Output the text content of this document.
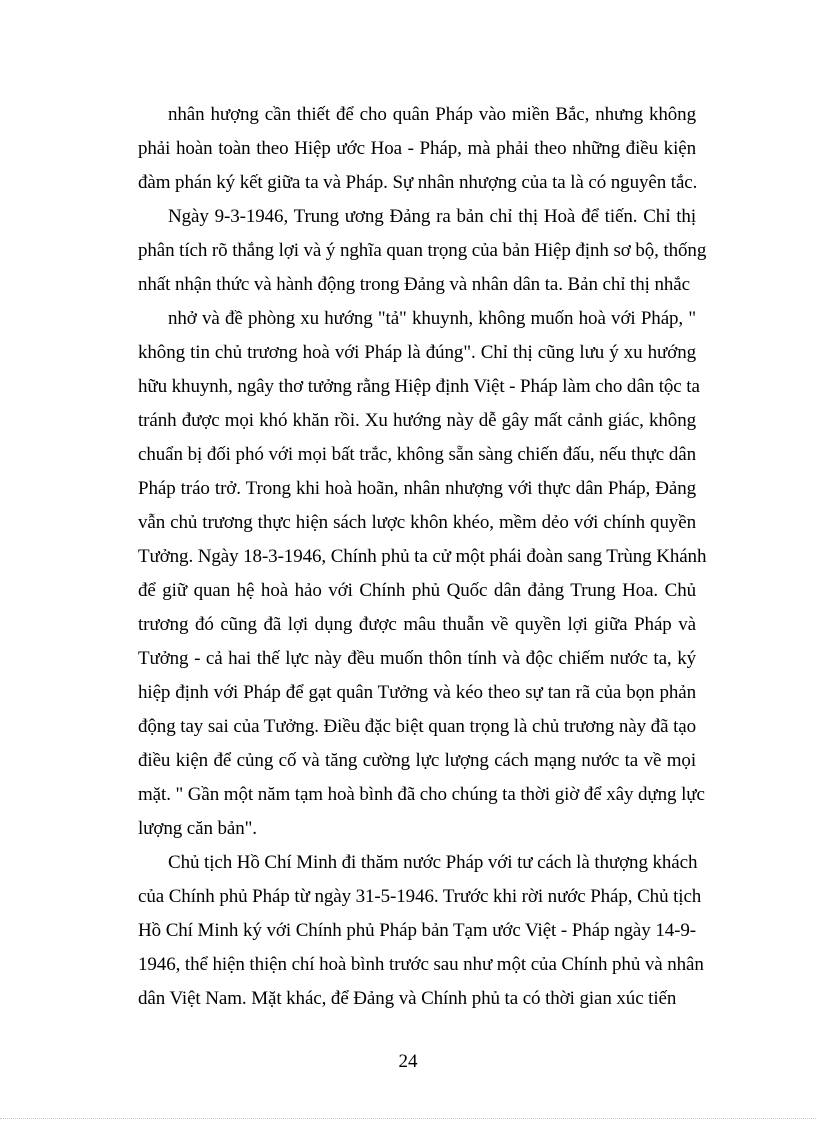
nhân hượng cần thiết để cho quân Pháp vào miền Bắc, nhưng không
phải hoàn toàn theo Hiệp ước Hoa - Pháp, mà phải theo những điều kiện
đàm phán ký kết giữa ta và Pháp. Sự nhân nhượng của ta là có nguyên tắc.
Ngày 9-3-1946, Trung ương Đảng ra bản chỉ thị Hoà để tiến. Chỉ thị
phân tích rõ thắng lợi và ý nghĩa quan trọng của bản Hiệp định sơ bộ, thống
nhất nhận thức và hành động trong Đảng và nhân dân ta. Bản chỉ thị nhắc
nhở và đề phòng xu hướng "tả" khuynh, không muốn hoà với Pháp, "
không tin chủ trương hoà với Pháp là đúng". Chỉ thị cũng lưu ý xu hướng
hữu khuynh, ngây thơ tưởng rằng Hiệp định Việt - Pháp làm cho dân tộc ta
tránh được mọi khó khăn rồi. Xu hướng này dễ gây mất cảnh giác, không
chuẩn bị đối phó với mọi bất trắc, không sẵn sàng chiến đấu, nếu thực dân
Pháp tráo trở. Trong khi hoà hoãn, nhân nhượng với thực dân Pháp, Đảng
vẫn chủ trương thực hiện sách lược khôn khéo, mềm dẻo với chính quyền
Tưởng. Ngày 18-3-1946, Chính phủ ta cử một phái đoàn sang Trùng Khánh
để giữ quan hệ hoà hảo với Chính phủ Quốc dân đảng Trung Hoa. Chủ
trương đó cũng đã lợi dụng được mâu thuẫn về quyền lợi giữa Pháp và
Tưởng - cả hai thế lực này đều muốn thôn tính và độc chiếm nước ta, ký
hiệp định với Pháp để gạt quân Tưởng và kéo theo sự tan rã của bọn phản
động tay sai của Tưởng. Điều đặc biệt quan trọng là chủ trương này đã tạo
điều kiện để củng cố và tăng cường lực lượng cách mạng nước ta về mọi
mặt. " Gần một năm tạm hoà bình đã cho chúng ta thời giờ để xây dựng lực
lượng căn bản".
Chủ tịch Hồ Chí Minh đi thăm nước Pháp với tư cách là thượng khách
của Chính phủ Pháp từ ngày 31-5-1946. Trước khi rời nước Pháp, Chủ tịch
Hồ Chí Minh ký với Chính phủ Pháp bản Tạm ước Việt - Pháp ngày 14-9-
1946, thể hiện thiện chí hoà bình trước sau như một của Chính phủ và nhân
dân Việt Nam. Mặt khác, để Đảng và Chính phủ ta có thời gian xúc tiến
24
